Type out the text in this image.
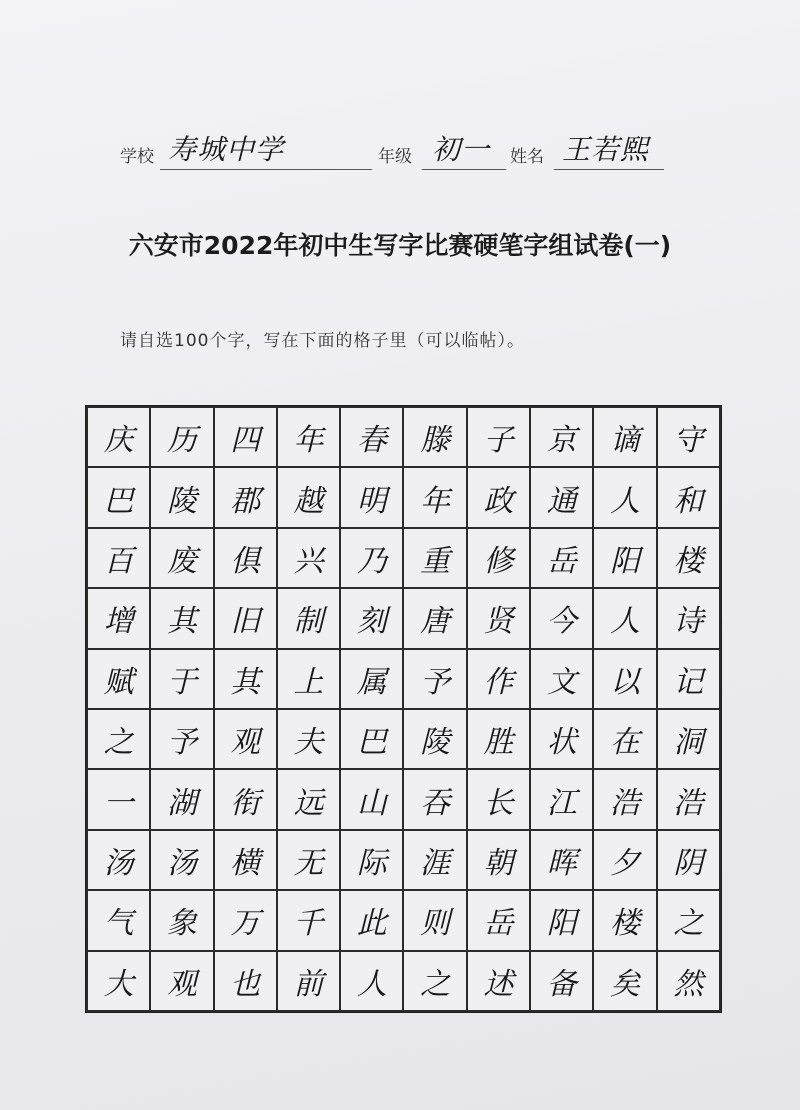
学校 寿城中学	年级 初一 姓名 王若熙
六安市2022年初中生写字比赛硬笔字组试卷(一)
请自选100个字，写在下面的格子里（可以临帖）。
庆	历	四	年	春	滕	子	京	谪	守
巴	陵	郡	越	明	年	政	通	人	和
百	废	俱	兴	乃	重	修	岳	阳	楼
增	其	旧	制	刻	唐	贤	今	人	诗
赋	于	其	上	属	予	作	文	以	记
之	予	观	夫	巴	陵	胜	状	在	洞
一	湖	衔	远	山	吞	长	江	浩	浩
汤	汤	横	无	际	涯	朝	晖	夕	阴
气	象	万	千	此	则	岳	阳	楼	之
大	观	也	前	人	之	述	备	矣	然
